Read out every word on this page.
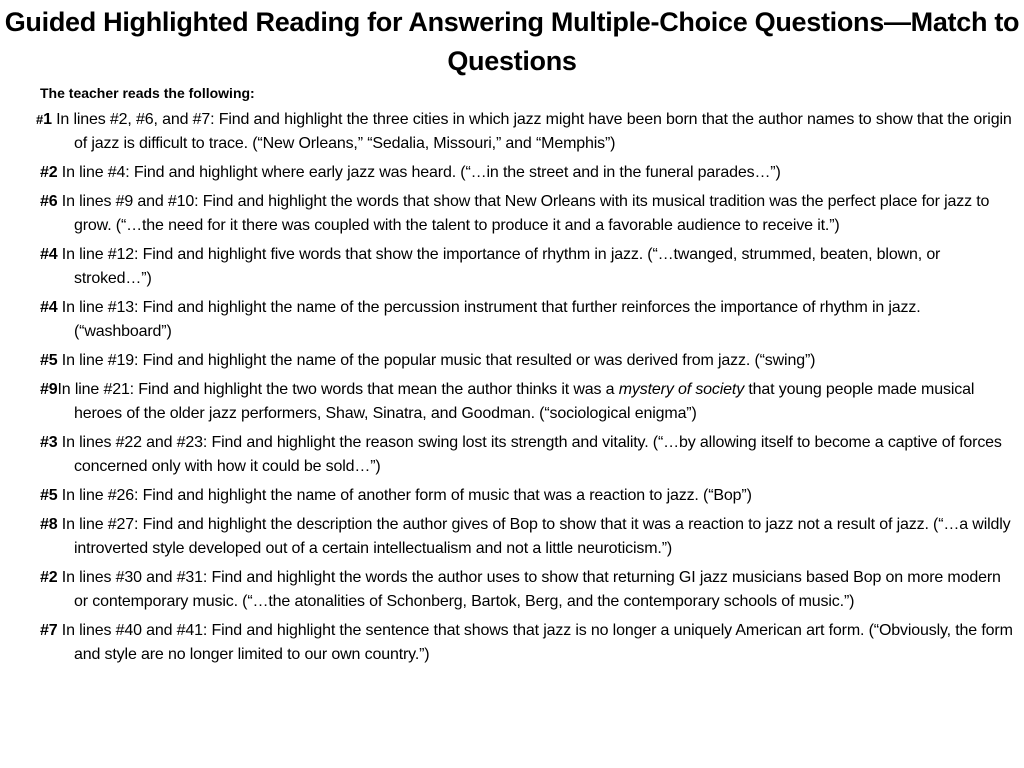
Guided Highlighted Reading for Answering Multiple-Choice Questions—Match to Questions
The teacher reads the following:
#1 In lines #2, #6, and #7: Find and highlight the three cities in which jazz might have been born that the author names to show that the origin of jazz is difficult to trace. (“New Orleans,” “Sedalia, Missouri,” and “Memphis”)
#2 In line #4: Find and highlight where early jazz was heard. (“…in the street and in the funeral parades…”)
#6 In lines #9 and #10: Find and highlight the words that show that New Orleans with its musical tradition was the perfect place for jazz to grow. (“…the need for it there was coupled with the talent to produce it and a favorable audience to receive it.”)
#4 In line #12: Find and highlight five words that show the importance of rhythm in jazz. (“…twanged, strummed, beaten, blown, or stroked…”)
#4 In line #13: Find and highlight the name of the percussion instrument that further reinforces the importance of rhythm in jazz. (“washboard”)
#5 In line #19: Find and highlight the name of the popular music that resulted or was derived from jazz. (“swing”)
#9In line #21: Find and highlight the two words that mean the author thinks it was a mystery of society that young people made musical heroes of the older jazz performers, Shaw, Sinatra, and Goodman. (“sociological enigma”)
#3 In lines #22 and #23: Find and highlight the reason swing lost its strength and vitality. (“…by allowing itself to become a captive of forces concerned only with how it could be sold…”)
#5 In line #26: Find and highlight the name of another form of music that was a reaction to jazz. (“Bop”)
#8 In line #27: Find and highlight the description the author gives of Bop to show that it was a reaction to jazz not a result of jazz. (“…a wildly introverted style developed out of a certain intellectualism and not a little neuroticism.”)
#2 In lines #30 and #31: Find and highlight the words the author uses to show that returning GI jazz musicians based Bop on more modern or contemporary music. (“…the atonalities of Schonberg, Bartok, Berg, and the contemporary schools of music.”)
#7 In lines #40 and #41: Find and highlight the sentence that shows that jazz is no longer a uniquely American art form. (“Obviously, the form and style are no longer limited to our own country.”)
